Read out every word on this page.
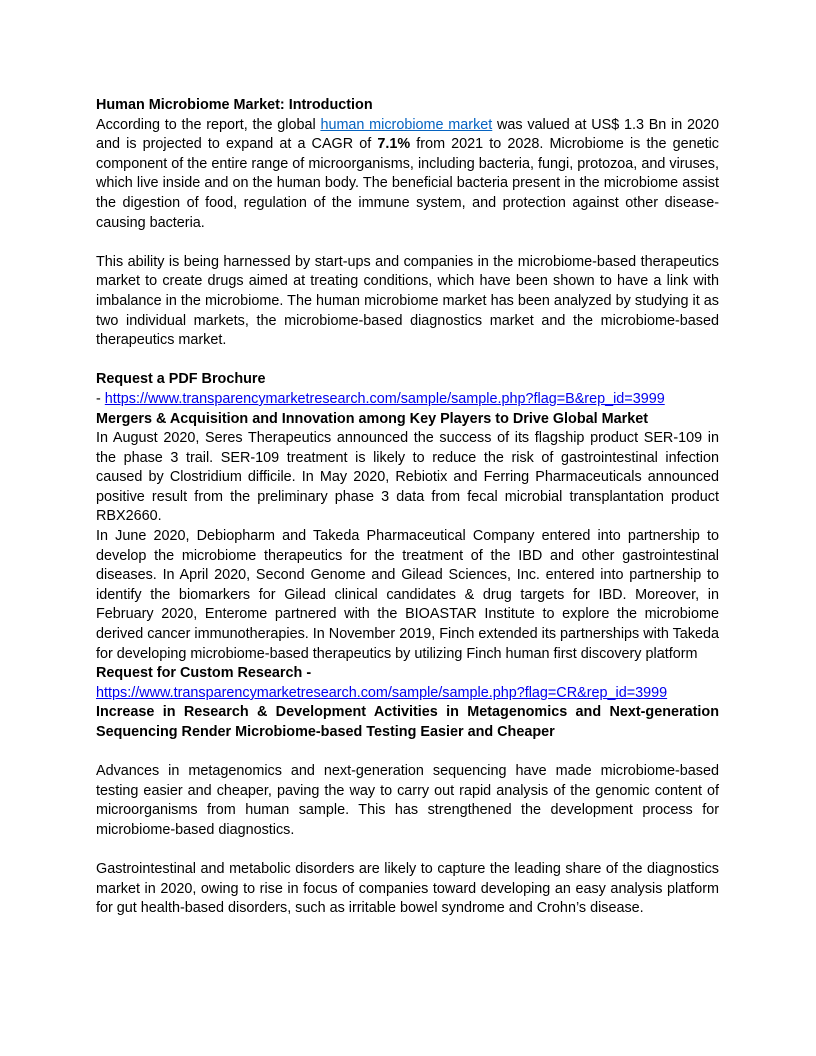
Human Microbiome Market: Introduction

According to the report, the global human microbiome market was valued at US$ 1.3 Bn in 2020 and is projected to expand at a CAGR of 7.1% from 2021 to 2028. Microbiome is the genetic component of the entire range of microorganisms, including bacteria, fungi, protozoa, and viruses, which live inside and on the human body. The beneficial bacteria present in the microbiome assist the digestion of food, regulation of the immune system, and protection against other disease-causing bacteria.

This ability is being harnessed by start-ups and companies in the microbiome-based therapeutics market to create drugs aimed at treating conditions, which have been shown to have a link with imbalance in the microbiome. The human microbiome market has been analyzed by studying it as two individual markets, the microbiome-based diagnostics market and the microbiome-based therapeutics market.

Request a PDF Brochure

- https://www.transparencymarketresearch.com/sample/sample.php?flag=B&rep_id=3999

Mergers & Acquisition and Innovation among Key Players to Drive Global Market

In August 2020, Seres Therapeutics announced the success of its flagship product SER-109 in the phase 3 trail. SER-109 treatment is likely to reduce the risk of gastrointestinal infection caused by Clostridium difficile. In May 2020, Rebiotix and Ferring Pharmaceuticals announced positive result from the preliminary phase 3 data from fecal microbial transplantation product RBX2660.

In June 2020, Debiopharm and Takeda Pharmaceutical Company entered into partnership to develop the microbiome therapeutics for the treatment of the IBD and other gastrointestinal diseases. In April 2020, Second Genome and Gilead Sciences, Inc. entered into partnership to identify the biomarkers for Gilead clinical candidates & drug targets for IBD. Moreover, in February 2020, Enterome partnered with the BIOASTAR Institute to explore the microbiome derived cancer immunotherapies. In November 2019, Finch extended its partnerships with Takeda for developing microbiome-based therapeutics by utilizing Finch human first discovery platform

Request for Custom Research -

https://www.transparencymarketresearch.com/sample/sample.php?flag=CR&rep_id=3999

Increase in Research & Development Activities in Metagenomics and Next-generation Sequencing Render Microbiome-based Testing Easier and Cheaper

Advances in metagenomics and next-generation sequencing have made microbiome-based testing easier and cheaper, paving the way to carry out rapid analysis of the genomic content of microorganisms from human sample. This has strengthened the development process for microbiome-based diagnostics.

Gastrointestinal and metabolic disorders are likely to capture the leading share of the diagnostics market in 2020, owing to rise in focus of companies toward developing an easy analysis platform for gut health-based disorders, such as irritable bowel syndrome and Crohn’s disease.
